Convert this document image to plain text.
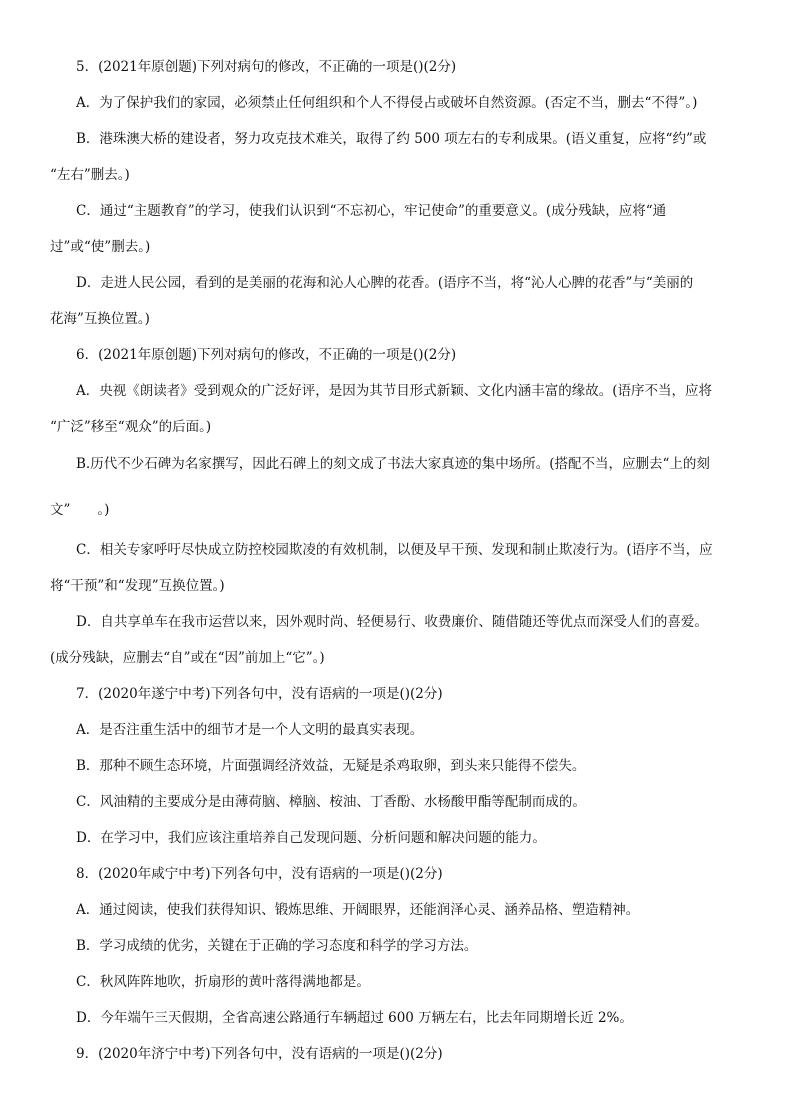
5．(2021年原创题)下列对病句的修改，不正确的一项是()(2分)
A．为了保护我们的家园，必须禁止任何组织和个人不得侵占或破坏自然资源。(否定不当，删去“不得”。)
B．港珠澳大桥的建设者，努力攻克技术难关，取得了约 500 项左右的专利成果。(语义重复，应将“约”或
“左右”删去。)
C．通过“主题教育”的学习，使我们认识到“不忘初心，牢记使命”的重要意义。(成分残缺，应将“通
过”或“使”删去。)
D．走进人民公园，看到的是美丽的花海和沁人心脾的花香。(语序不当，将“沁人心脾的花香”与“美丽的
花海”互换位置。)
6．(2021年原创题)下列对病句的修改，不正确的一项是()(2分)
A．央视《朗读者》受到观众的广泛好评，是因为其节目形式新颖、文化内涵丰富的缘故。(语序不当，应将
“广泛”移至“观众”的后面。)
B.历代不少石碑为名家撰写，因此石碑上的刻文成了书法大家真迹的集中场所。(搭配不当，应删去“上的刻
文”　　。)
C．相关专家呼吁尽快成立防控校园欺凌的有效机制，以便及早干预、发现和制止欺凌行为。(语序不当，应
将“干预”和“发现”互换位置。)
D．自共享单车在我市运营以来，因外观时尚、轻便易行、收费廉价、随借随还等优点而深受人们的喜爱。
(成分残缺，应删去“自”或在“因”前加上“它”。)
7．(2020年遂宁中考)下列各句中，没有语病的一项是()(2分)
A．是否注重生活中的细节才是一个人文明的最真实表现。
B．那种不顾生态环境，片面强调经济效益，无疑是杀鸡取卵，到头来只能得不偿失。
C．风油精的主要成分是由薄荷脑、樟脑、桉油、丁香酚、水杨酸甲酯等配制而成的。
D．在学习中，我们应该注重培养自己发现问题、分析问题和解决问题的能力。
8．(2020年咸宁中考)下列各句中，没有语病的一项是()(2分)
A．通过阅读，使我们获得知识、锻炼思维、开阔眼界，还能润泽心灵、涵养品格、塑造精神。
B．学习成绩的优劣，关键在于正确的学习态度和科学的学习方法。
C．秋风阵阵地吹，折扇形的黄叶落得满地都是。
D．今年端午三天假期，全省高速公路通行车辆超过 600 万辆左右，比去年同期增长近 2%。
9．(2020年济宁中考)下列各句中，没有语病的一项是()(2分)
